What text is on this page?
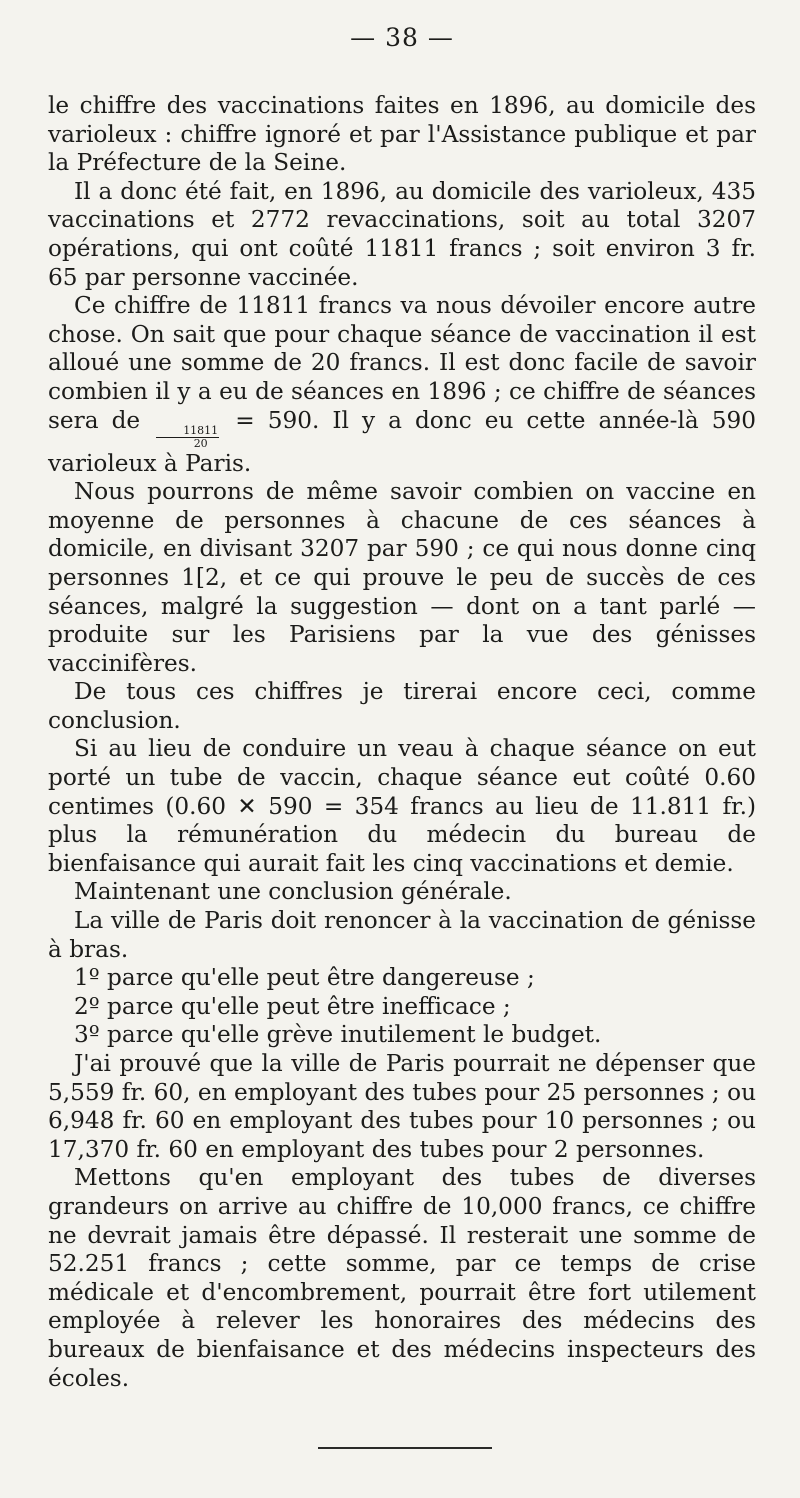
— 38 —

le chiffre des vaccinations faites en 1896, au domicile des varioleux : chiffre ignoré et par l'Assistance publique et par la Préfecture de la Seine.

Il a donc été fait, en 1896, au domicile des varioleux, 435 vaccinations et 2772 revaccinations, soit au total 3207 opérations, qui ont coûté 11811 francs ; soit environ 3 fr. 65 par personne vaccinée.

Ce chiffre de 11811 francs va nous dévoiler encore autre chose. On sait que pour chaque séance de vaccination il est alloué une somme de 20 francs. Il est donc facile de savoir combien il y a eu de séances en 1896 ; ce chiffre de séances sera de
$\frac{11811}{20}$
= 590. Il y a donc eu cette année-là 590 varioleux à Paris.

Nous pourrons de même savoir combien on vaccine en moyenne de personnes à chacune de ces séances à domicile, en divisant 3207 par 590 ; ce qui nous donne cinq personnes 1[2, et ce qui prouve le peu de succès de ces séances, malgré la suggestion — dont on a tant parlé — produite sur les Parisiens par la vue des génisses vaccinifères.

De tous ces chiffres je tirerai encore ceci, comme conclusion.

Si au lieu de conduire un veau à chaque séance on eut porté un tube de vaccin, chaque séance eut coûté 0.60 centimes (0.60 ✕ 590 = 354 francs au lieu de 11.811 fr.) plus la rémunération du médecin du bureau de bienfaisance qui aurait fait les cinq vaccinations et demie.

Maintenant une conclusion générale.

La ville de Paris doit renoncer à la vaccination de génisse à bras.

1º parce qu'elle peut être dangereuse ;

2º parce qu'elle peut être inefficace ;

3º parce qu'elle grève inutilement le budget.

J'ai prouvé que la ville de Paris pourrait ne dépenser que 5,559 fr. 60, en employant des tubes pour 25 personnes ; ou 6,948 fr. 60 en employant des tubes pour 10 personnes ; ou 17,370 fr. 60 en employant des tubes pour 2 personnes.

Mettons qu'en employant des tubes de diverses grandeurs on arrive au chiffre de 10,000 francs, ce chiffre ne devrait jamais être dépassé. Il resterait une somme de 52.251 francs ; cette somme, par ce temps de crise médicale et d'encombrement, pourrait être fort utilement employée à relever les honoraires des médecins des bureaux de bienfaisance et des médecins inspecteurs des écoles.
